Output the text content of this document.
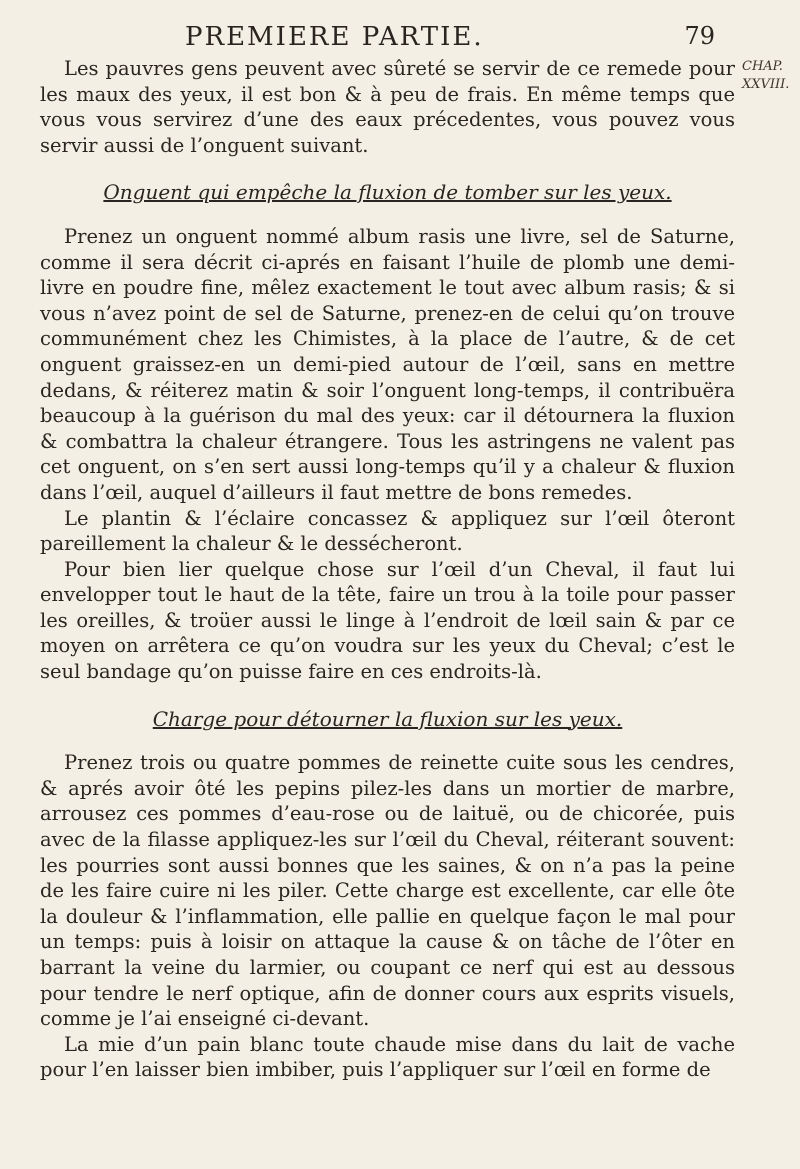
PREMIERE PARTIE.	79
CHAP.
XXVIII.

Les pauvres gens peuvent avec sûreté se servir de ce remede pour les maux des yeux, il est bon & à peu de frais. En même temps que vous vous servirez d’une des eaux précedentes, vous pouvez vous servir aussi de l’onguent suivant.

Onguent qui empêche la fluxion de tomber sur les yeux.

Prenez un onguent nommé album rasis une livre, sel de Saturne, comme il sera décrit ci-aprés en faisant l’huile de plomb une demi-livre en poudre fine, mêlez exactement le tout avec album rasis; & si vous n’avez point de sel de Saturne, prenez-en de celui qu’on trouve communément chez les Chimistes, à la place de l’autre, & de cet onguent graissez-en un demi-pied autour de l’œil, sans en mettre dedans, & réiterez matin & soir l’onguent long-temps, il contribuëra beaucoup à la guérison du mal des yeux: car il détournera la fluxion & combattra la chaleur étrangere. Tous les astringens ne valent pas cet onguent, on s’en sert aussi long-temps qu’il y a chaleur & fluxion dans l’œil, auquel d’ailleurs il faut mettre de bons remedes.

Le plantin & l’éclaire concassez & appliquez sur l’œil ôteront pareillement la chaleur & le dessécheront.

Pour bien lier quelque chose sur l’œil d’un Cheval, il faut lui envelopper tout le haut de la tête, faire un trou à la toile pour passer les oreilles, & troüer aussi le linge à l’endroit de lœil sain & par ce moyen on arrêtera ce qu’on voudra sur les yeux du Cheval; c’est le seul bandage qu’on puisse faire en ces endroits-là.

Charge pour détourner la fluxion sur les yeux.

Prenez trois ou quatre pommes de reinette cuite sous les cendres, & aprés avoir ôté les pepins pilez-les dans un mortier de marbre, arrousez ces pommes d’eau-rose ou de laituë, ou de chicorée, puis avec de la filasse appliquez-les sur l’œil du Cheval, réiterant souvent: les pourries sont aussi bonnes que les saines, & on n’a pas la peine de les faire cuire ni les piler. Cette charge est excellente, car elle ôte la douleur & l’inflammation, elle pallie en quelque façon le mal pour un temps: puis à loisir on attaque la cause & on tâche de l’ôter en barrant la veine du larmier, ou coupant ce nerf qui est au dessous pour tendre le nerf optique, afin de donner cours aux esprits visuels, comme je l’ai enseigné ci-devant.

La mie d’un pain blanc toute chaude mise dans du lait de vache pour l’en laisser bien imbiber, puis l’appliquer sur l’œil en forme de
